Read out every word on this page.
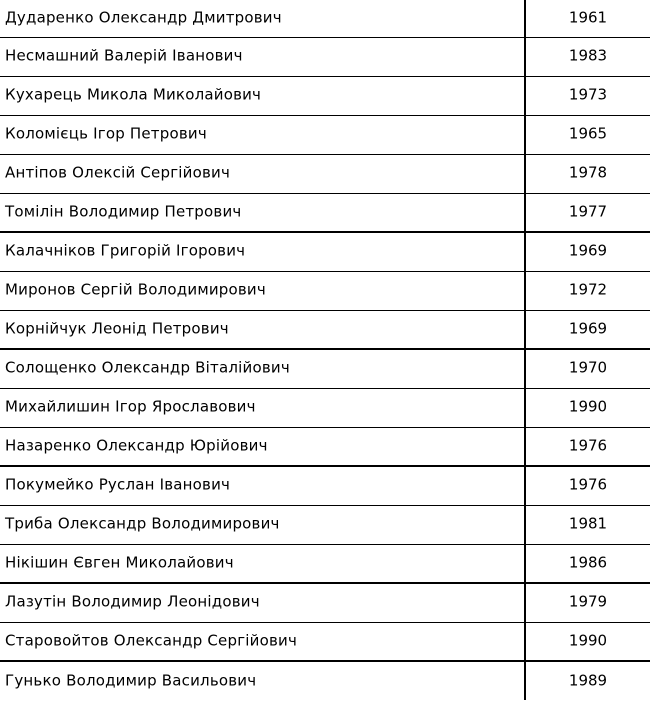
Дударенко Олександр Дмитрович	1961
Несмашний Валерій Іванович	1983
Кухарець Микола Миколайович	1973
Коломієць Ігор Петрович	1965
Антіпов Олексій Сергійович	1978
Томілін Володимир Петрович	1977
Калачніков Григорій Ігорович	1969
Миронов Сергій Володимирович	1972
Корнійчук Леонід Петрович	1969
Солощенко Олександр Віталійович	1970
Михайлишин Ігор Ярославович	1990
Назаренко Олександр Юрійович	1976
Покумейко Руслан Іванович	1976
Триба Олександр Володимирович	1981
Нікішин Євген Миколайович	1986
Лазутін Володимир Леонідович	1979
Старовойтов Олександр Сергійович	1990
Гунько Володимир Васильович	1989
